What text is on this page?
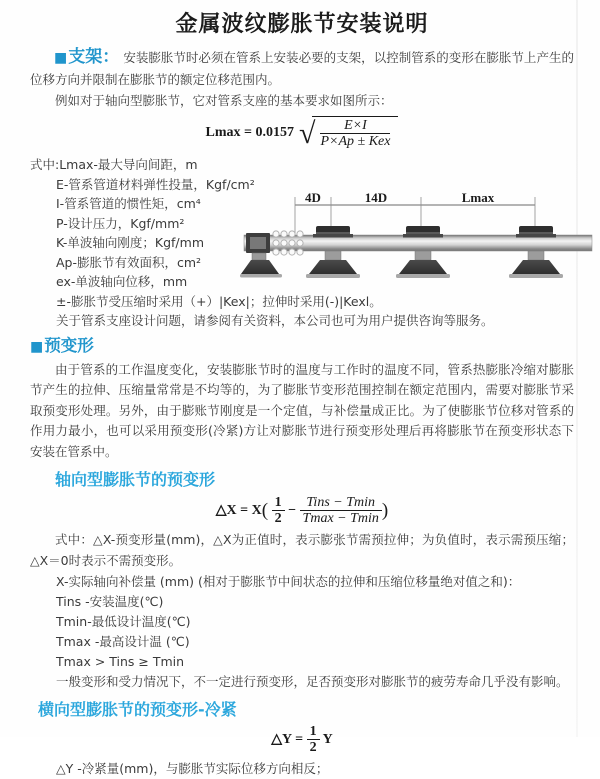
金属波纹膨胀节安装说明

■支架： 安装膨胀节时必须在管系上安装必要的支架，以控制管系的变形在膨胀节上产生的位移方向并限制在膨胀节的额定位移范围内。

例如对于轴向型膨胀节，它对管系支座的基本要求如图所示：

Lmax = 0.0157 √	E×I
P×Ap ± Kex
式中:Lmax-最大导向间距，m
E-管系管道材料弹性投量，Kgf/cm²
I-管系管道的惯性矩，cm⁴
P-设计压力，Kgf/mm²
K-单波轴向刚度；Kgf/mm
Ap-膨胀节有效面积，cm²
ex-单波轴向位移，mm
±-膨胀节受压缩时采用（+）|Kex|；拉伸时采用(-)|Kexl。
关于管系支座设计问题，请参阅有关资料，本公司也可为用户提供咨询等服务。
■预变形

由于管系的工作温度变化，安装膨胀节时的温度与工作时的温度不同，管系热膨胀冷缩对膨胀节产生的拉伸、压缩量常常是不均等的，为了膨胀节变形范围控制在额定范围内，需要对膨胀节采取预变形处理。另外，由于膨账节刚度是一个定值，与补偿量成正比。为了使膨胀节位移对管系的作用力最小，也可以采用预变形(冷紧)方让对膨胀节进行预变形处理后再将膨胀节在预变形状态下安装在管系中。

轴向型膨胀节的预变形
△X = $X( \frac{1}{2} - \frac{\text{Tins − Tmin}}{Tmax - Tmin}$ )

式中：△X-预变形量(mm)，△X为正值时，表示膨张节需预拉伸；为负值时，表示需预压缩；△X＝0时表示不需预变形。

X-实际轴向补偿量 (mm) (相对于膨胀节中间状态的拉伸和压缩位移量绝对值之和)：
Tins -安装温度(℃)
Tmin-最低设计温度(℃)
Tmax -最高设计温 (℃)
Tmax > Tins ≥ Tmin
一般变形和受力情况下，不一定进行预变形，足否预变形对膨胀节的疲劳寿命几乎没有影响。
横向型膨胀节的预变形-冷紧
△Y = $\frac{1}{2}$ Y

△Y -冷紧量(mm)，与膨胀节实际位移方向相反；

4D	14D	Lmax
